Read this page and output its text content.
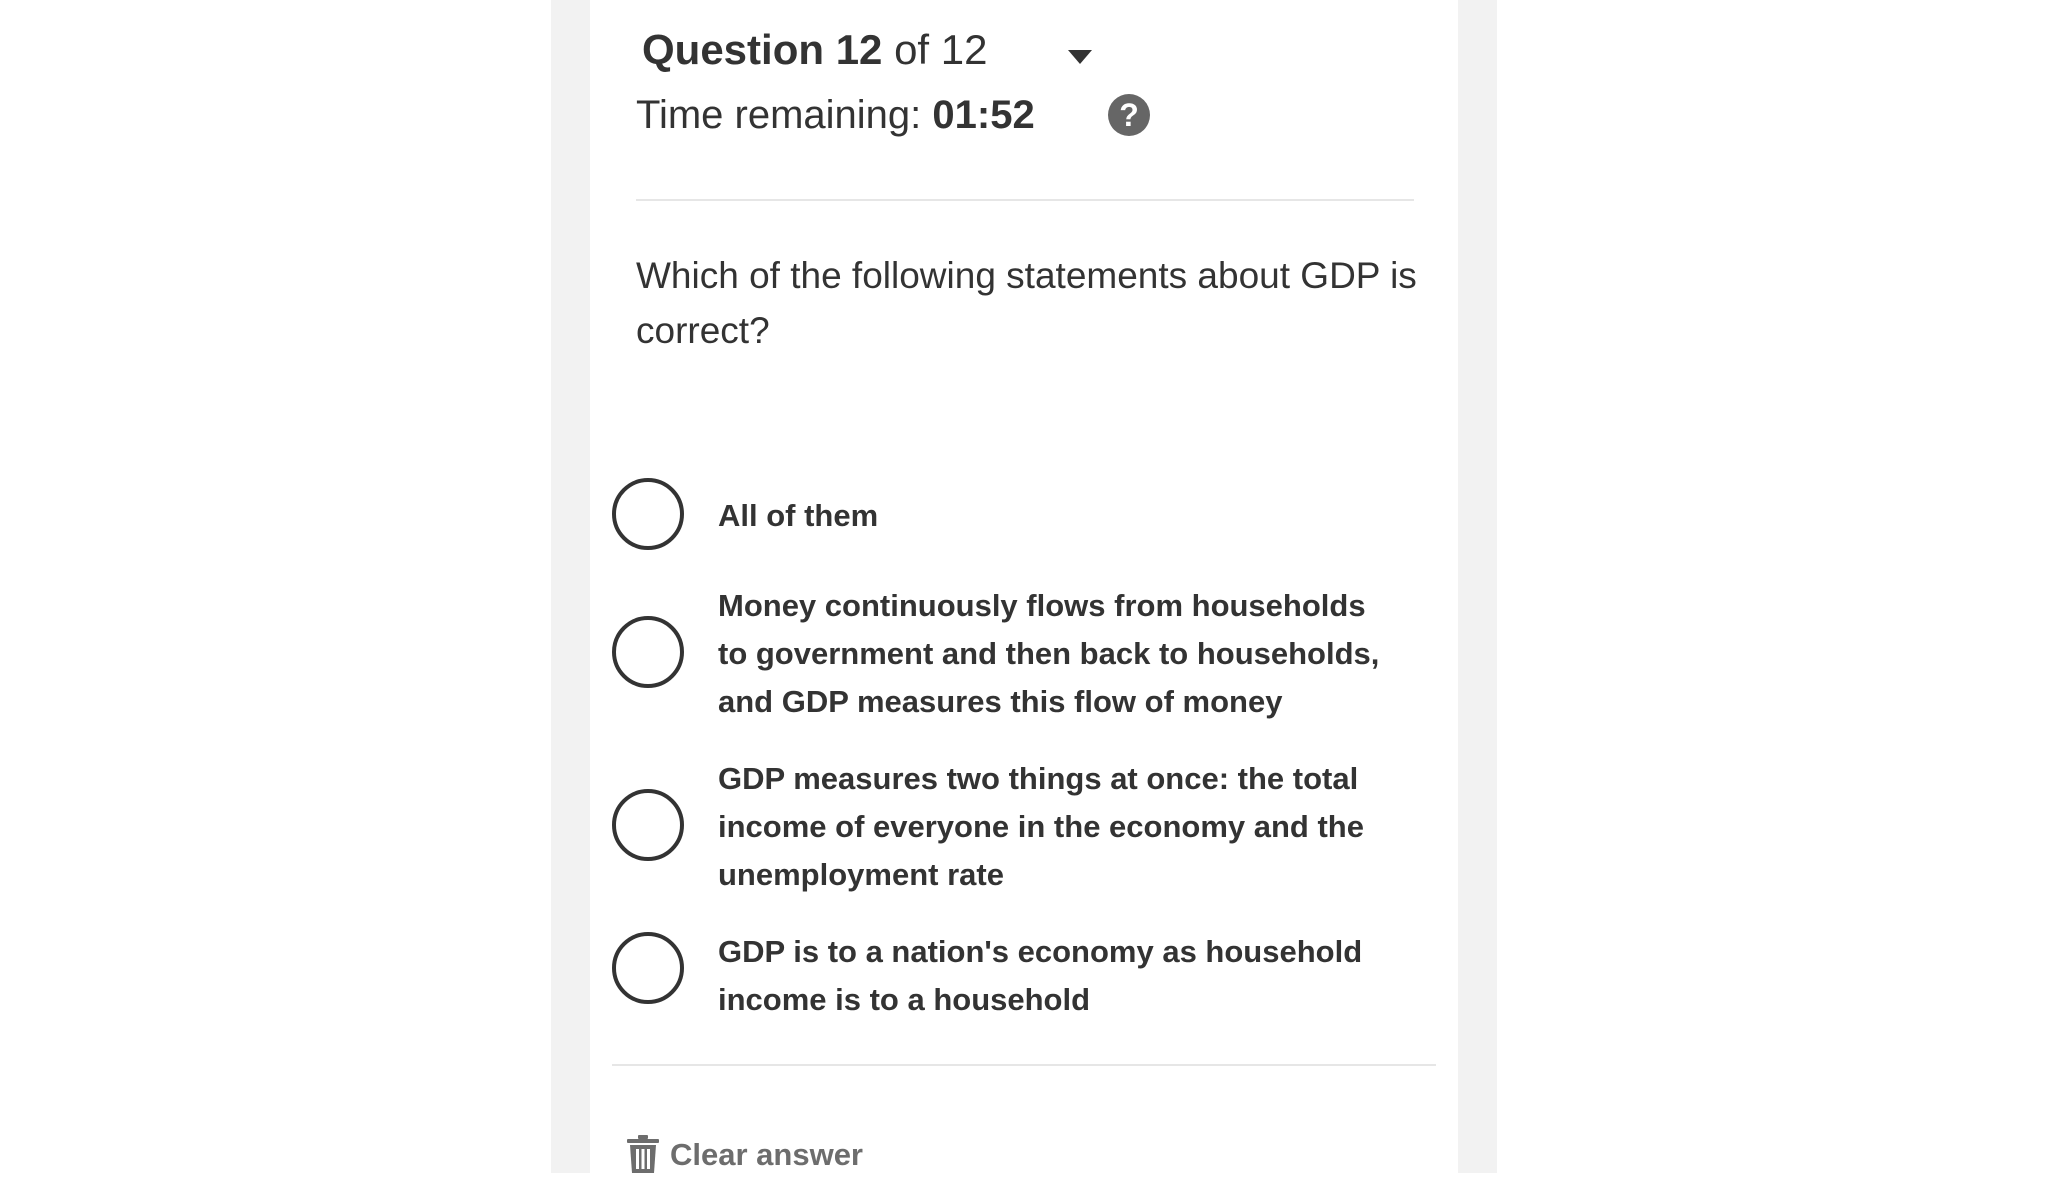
Question 12 of 12
Time remaining: 01:52	?
Which of the following statements about GDP is correct?
All of them
Money continuously flows from households to government and then back to households, and GDP measures this flow of money
GDP measures two things at once: the total income of everyone in the economy and the unemployment rate
GDP is to a nation's economy as household income is to a household
Clear answer
